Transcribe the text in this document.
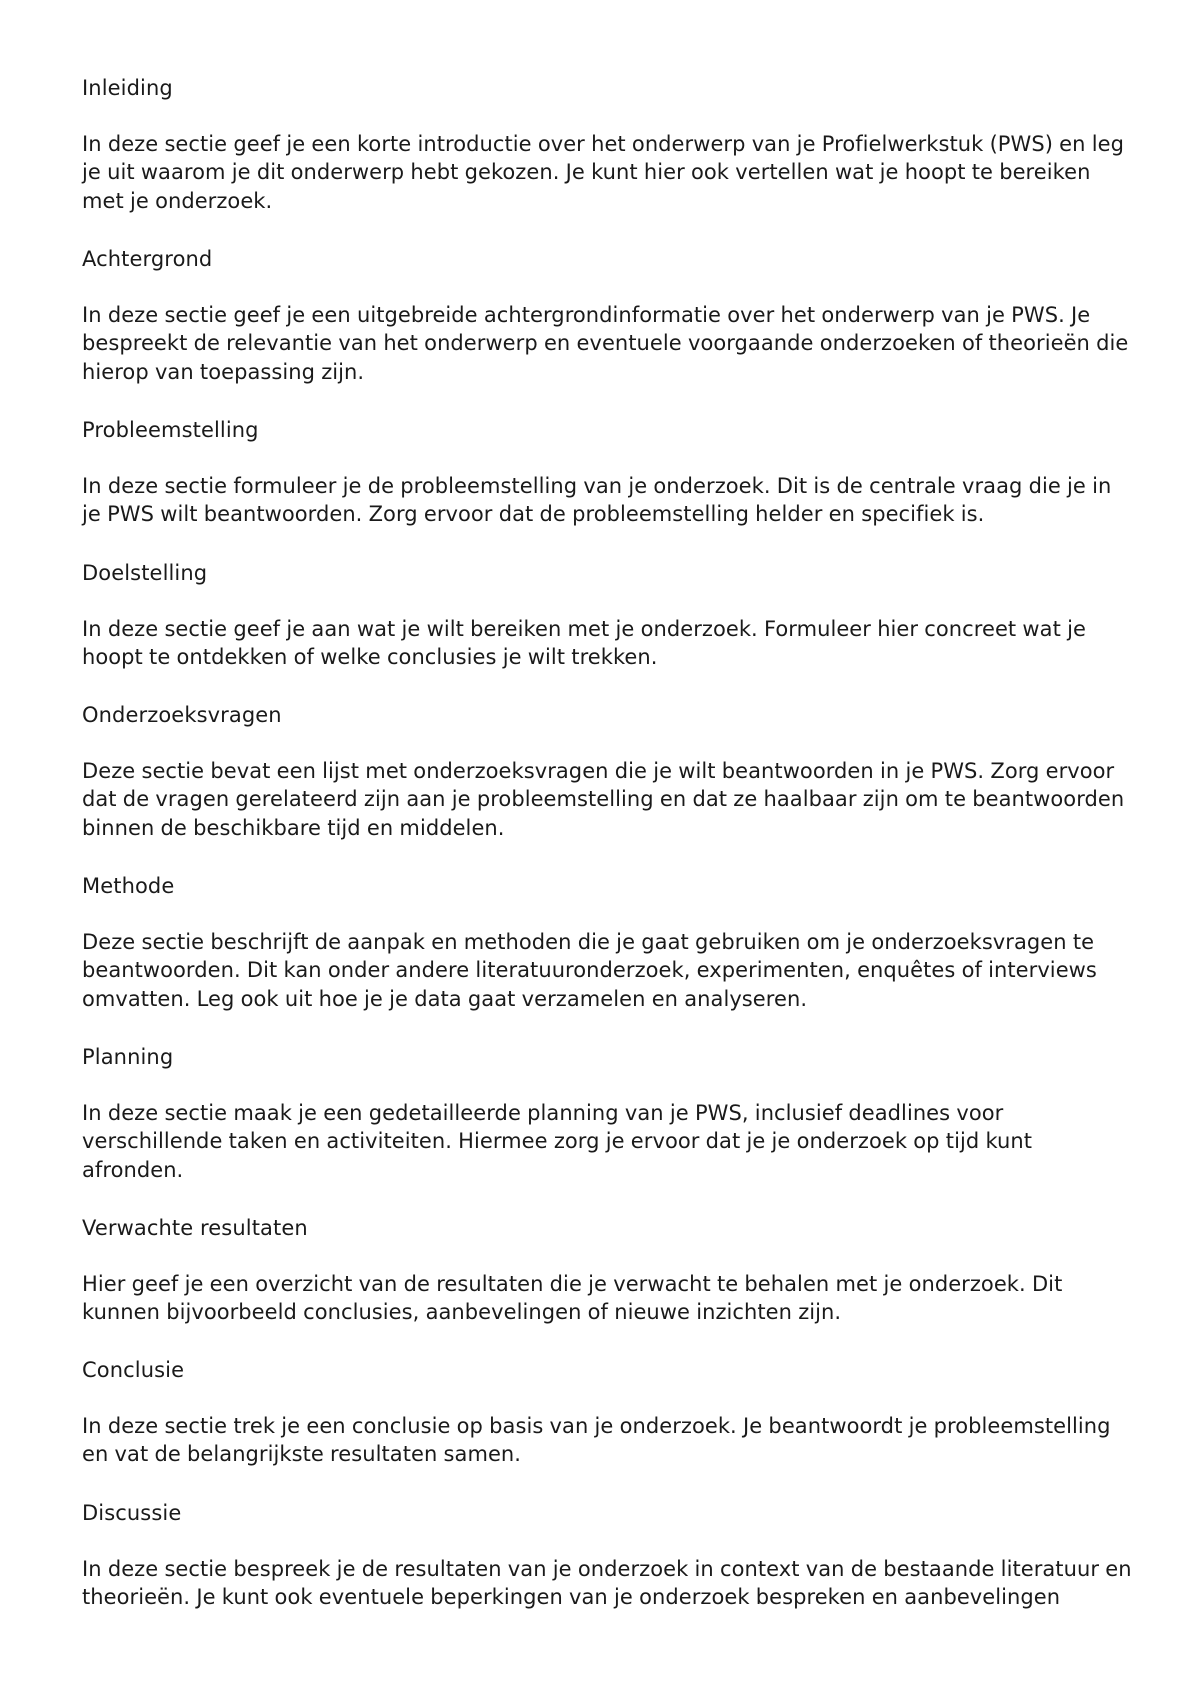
Inleiding

In deze sectie geef je een korte introductie over het onderwerp van je Profielwerkstuk (PWS) en leg je uit waarom je dit onderwerp hebt gekozen. Je kunt hier ook vertellen wat je hoopt te bereiken met je onderzoek.

Achtergrond

In deze sectie geef je een uitgebreide achtergrondinformatie over het onderwerp van je PWS. Je bespreekt de relevantie van het onderwerp en eventuele voorgaande onderzoeken of theorieën die hierop van toepassing zijn.

Probleemstelling

In deze sectie formuleer je de probleemstelling van je onderzoek. Dit is de centrale vraag die je in je PWS wilt beantwoorden. Zorg ervoor dat de probleemstelling helder en specifiek is.

Doelstelling

In deze sectie geef je aan wat je wilt bereiken met je onderzoek. Formuleer hier concreet wat je hoopt te ontdekken of welke conclusies je wilt trekken.

Onderzoeksvragen

Deze sectie bevat een lijst met onderzoeksvragen die je wilt beantwoorden in je PWS. Zorg ervoor dat de vragen gerelateerd zijn aan je probleemstelling en dat ze haalbaar zijn om te beantwoorden binnen de beschikbare tijd en middelen.

Methode

Deze sectie beschrijft de aanpak en methoden die je gaat gebruiken om je onderzoeksvragen te beantwoorden. Dit kan onder andere literatuuronderzoek, experimenten, enquêtes of interviews omvatten. Leg ook uit hoe je je data gaat verzamelen en analyseren.

Planning

In deze sectie maak je een gedetailleerde planning van je PWS, inclusief deadlines voor verschillende taken en activiteiten. Hiermee zorg je ervoor dat je je onderzoek op tijd kunt afronden.

Verwachte resultaten

Hier geef je een overzicht van de resultaten die je verwacht te behalen met je onderzoek. Dit kunnen bijvoorbeeld conclusies, aanbevelingen of nieuwe inzichten zijn.

Conclusie

In deze sectie trek je een conclusie op basis van je onderzoek. Je beantwoordt je probleemstelling en vat de belangrijkste resultaten samen.

Discussie

In deze sectie bespreek je de resultaten van je onderzoek in context van de bestaande literatuur en theorieën. Je kunt ook eventuele beperkingen van je onderzoek bespreken en aanbevelingen
